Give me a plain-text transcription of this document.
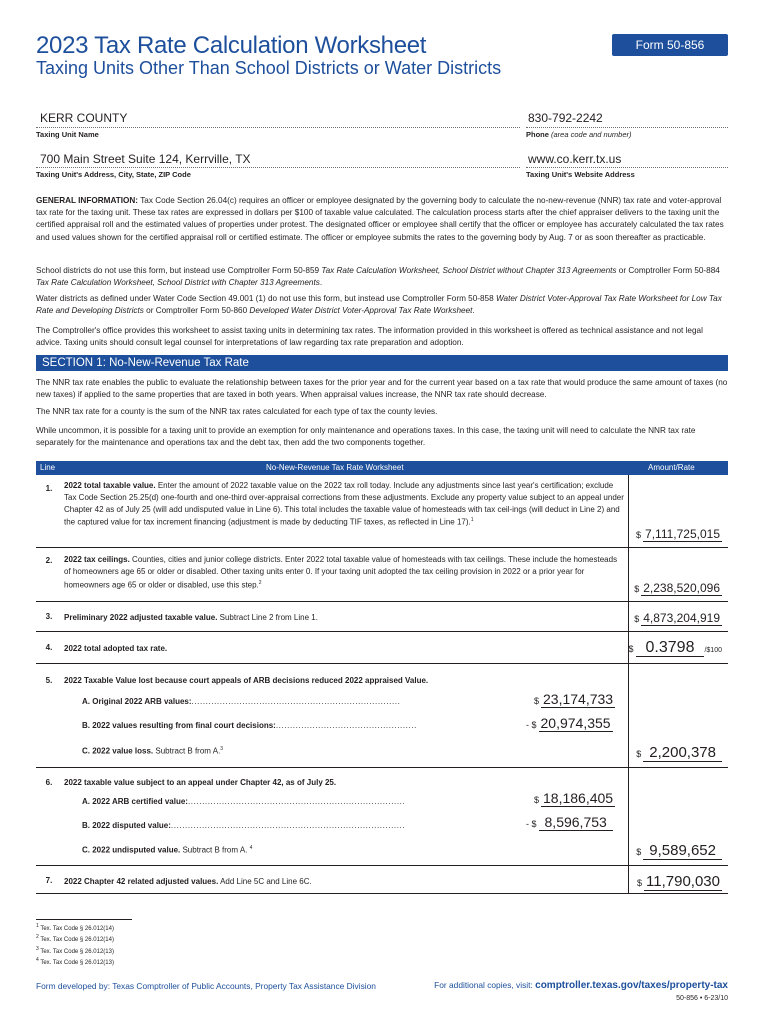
2023 Tax Rate Calculation Worksheet
Taxing Units Other Than School Districts or Water Districts
Form 50-856
KERR COUNTY
Taxing Unit Name
830-792-2242
Phone (area code and number)
700 Main Street Suite 124, Kerrville, TX
Taxing Unit's Address, City, State, ZIP Code
www.co.kerr.tx.us
Taxing Unit's Website Address
GENERAL INFORMATION: Tax Code Section 26.04(c) requires an officer or employee designated by the governing body to calculate the no-new-revenue (NNR) tax rate and voter-approval tax rate for the taxing unit. These tax rates are expressed in dollars per $100 of taxable value calculated. The calculation process starts after the chief appraiser delivers to the taxing unit the certified appraisal roll and the estimated values of properties under protest. The designated officer or employee shall certify that the officer or employee has accurately calculated the tax rates and used values shown for the certified appraisal roll or certified estimate. The officer or employee submits the rates to the governing body by Aug. 7 or as soon thereafter as practicable.
School districts do not use this form, but instead use Comptroller Form 50-859 Tax Rate Calculation Worksheet, School District without Chapter 313 Agreements or Comptroller Form 50-884 Tax Rate Calculation Worksheet, School District with Chapter 313 Agreements.
Water districts as defined under Water Code Section 49.001 (1) do not use this form, but instead use Comptroller Form 50-858 Water District Voter-Approval Tax Rate Worksheet for Low Tax Rate and Developing Districts or Comptroller Form 50-860 Developed Water District Voter-Approval Tax Rate Worksheet.
The Comptroller's office provides this worksheet to assist taxing units in determining tax rates. The information provided in this worksheet is offered as technical assistance and not legal advice. Taxing units should consult legal counsel for interpretations of law regarding tax rate preparation and adoption.
SECTION 1: No-New-Revenue Tax Rate
The NNR tax rate enables the public to evaluate the relationship between taxes for the prior year and for the current year based on a tax rate that would produce the same amount of taxes (no new taxes) if applied to the same properties that are taxed in both years. When appraisal values increase, the NNR tax rate should decrease.
The NNR tax rate for a county is the sum of the NNR tax rates calculated for each type of tax the county levies.
While uncommon, it is possible for a taxing unit to provide an exemption for only maintenance and operations taxes. In this case, the taxing unit will need to calculate the NNR tax rate separately for the maintenance and operations tax and the debt tax, then add the two components together.
Line	No-New-Revenue Tax Rate Worksheet	Amount/Rate
1.	2022 total taxable value. Enter the amount of 2022 taxable value on the 2022 tax roll today. Include any adjustments since last year's certification; exclude Tax Code Section 25.25(d) one-fourth and one-third over-appraisal corrections from these adjustments. Exclude any property value subject to an appeal under Chapter 42 as of July 25 (will add undisputed value in Line 6). This total includes the taxable value of homesteads with tax ceil-ings (will deduct in Line 2) and the captured value for tax increment financing (adjustment is made by deducting TIF taxes, as reflected in Line 17).$^1$
$ 7,111,725,015
2.	2022 tax ceilings. Counties, cities and junior college districts. Enter 2022 total taxable value of homesteads with tax ceilings. These include the homesteads of homeowners age 65 or older or disabled. Other taxing units enter 0. If your taxing unit adopted the tax ceiling provision in 2022 or a prior year for homeowners age 65 or older or disabled, use this step.$^2$
$ 2,238,520,096
3.	Preliminary 2022 adjusted taxable value. Subtract Line 2 from Line 1.	$ 4,873,204,919
4.	2022 total adopted tax rate.	$ 0.3798 /$100
5.	2022 Taxable Value lost because court appeals of ARB decisions reduced 2022 appraised Value.
A. Original 2022 ARB values:..........................................................................	$ 23,174,733
B. 2022 values resulting from final court decisions:..................................................	- $ 20,974,355
C. 2022 value loss. Subtract B from A.$^3$	$ 2,200,378
6.	2022 taxable value subject to an appeal under Chapter 42, as of July 25.
A. 2022 ARB certified value:.............................................................................	$ 18,186,405
B. 2022 disputed value:...................................................................................	- $ 8,596,753
C. 2022 undisputed value. Subtract B from A. $^4$	$ 9,589,652
7.	2022 Chapter 42 related adjusted values. Add Line 5C and Line 6C.	$ 11,790,030
$^1$ Tex. Tax Code § 26.012(14)
$^2$ Tex. Tax Code § 26.012(14)
$^3$ Tex. Tax Code § 26.012(13)
$^4$ Tex. Tax Code § 26.012(13)
Form developed by: Texas Comptroller of Public Accounts, Property Tax Assistance Division	For additional copies, visit: comptroller.texas.gov/taxes/property-tax
50-856 • 6-23/10
